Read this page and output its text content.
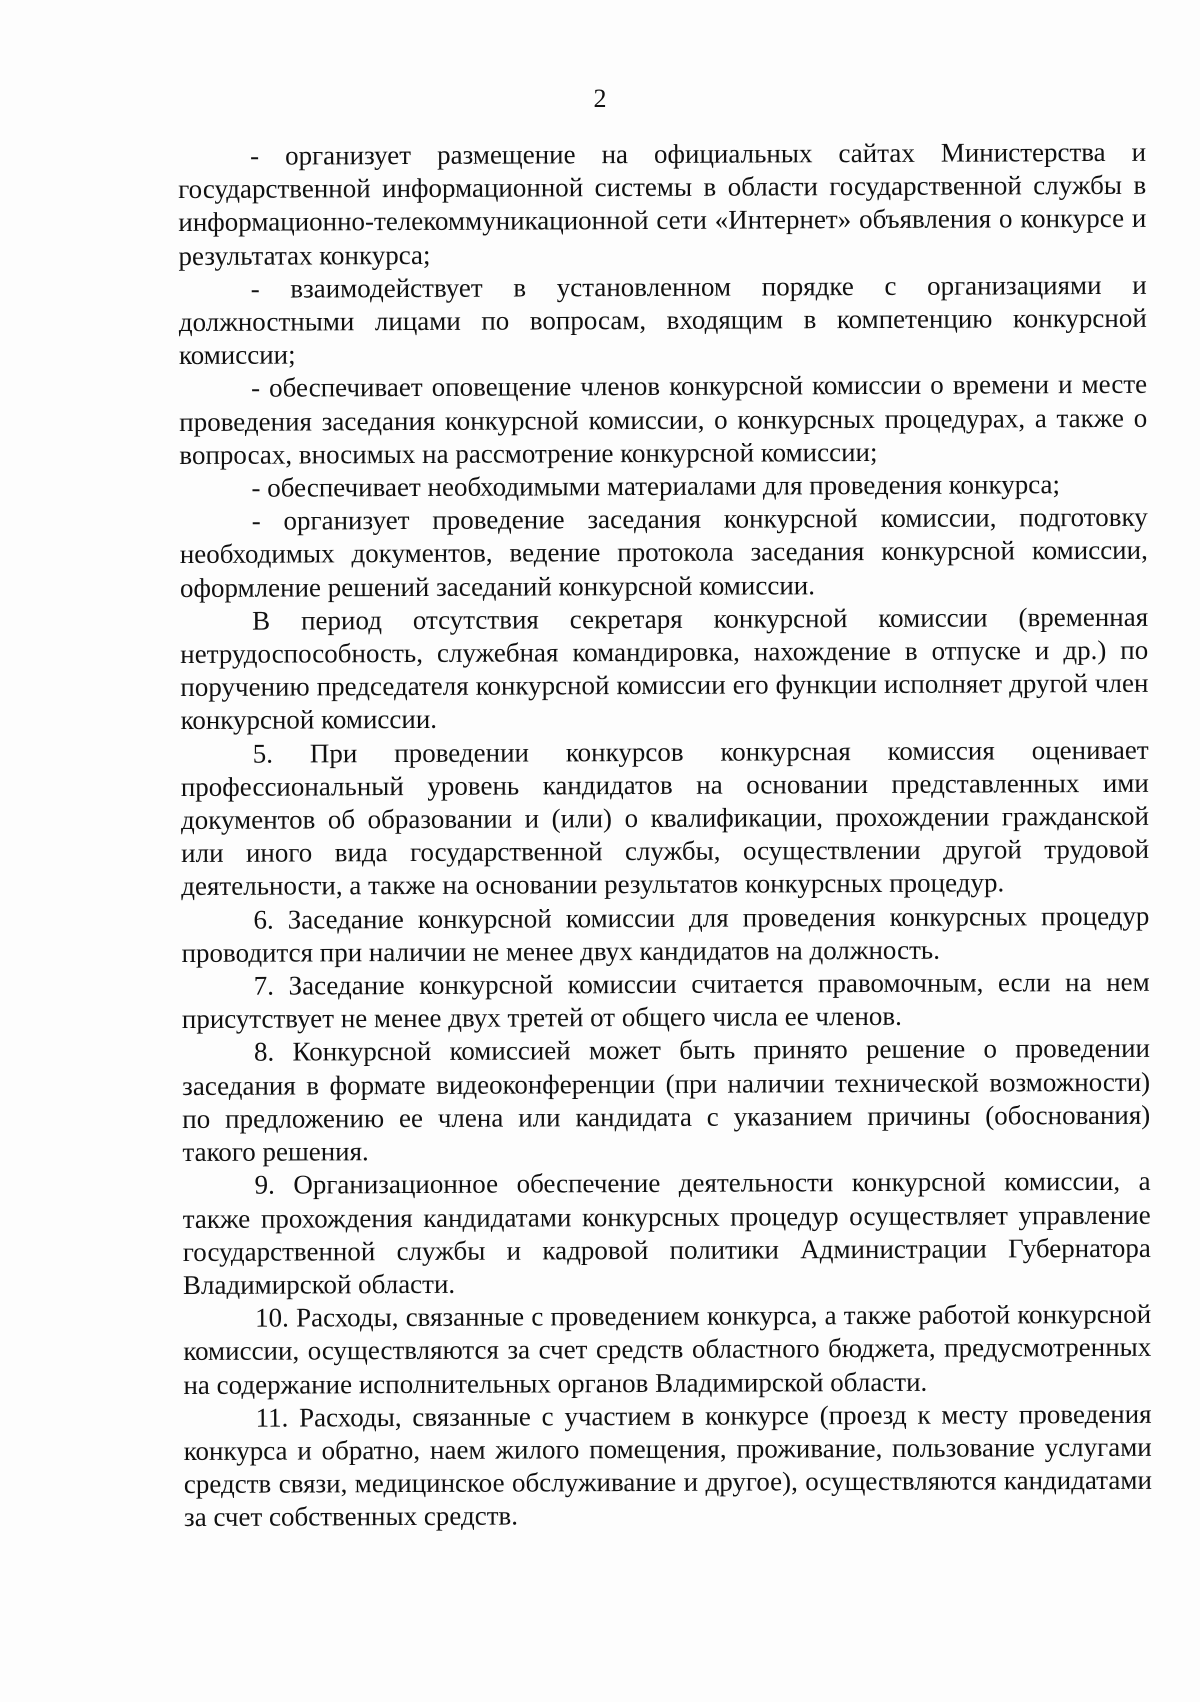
2

- организует размещение на официальных сайтах Министерства и государственной информационной системы в области государственной службы в информационно-телекоммуникационной сети «Интернет» объявления о конкурсе и результатах конкурса;

- взаимодействует в установленном порядке с организациями и должностными лицами по вопросам, входящим в компетенцию конкурсной комиссии;

- обеспечивает оповещение членов конкурсной комиссии о времени и месте проведения заседания конкурсной комиссии, о конкурсных процедурах, а также о вопросах, вносимых на рассмотрение конкурсной комиссии;

- обеспечивает необходимыми материалами для проведения конкурса;

- организует проведение заседания конкурсной комиссии, подготовку необходимых документов, ведение протокола заседания конкурсной комиссии, оформление решений заседаний конкурсной комиссии.

В период отсутствия секретаря конкурсной комиссии (временная нетрудоспособность, служебная командировка, нахождение в отпуске и др.) по поручению председателя конкурсной комиссии его функции исполняет другой член конкурсной комиссии.

5. При проведении конкурсов конкурсная комиссия оценивает профессиональный уровень кандидатов на основании представленных ими документов об образовании и (или) о квалификации, прохождении гражданской или иного вида государственной службы, осуществлении другой трудовой деятельности, а также на основании результатов конкурсных процедур.

6. Заседание конкурсной комиссии для проведения конкурсных процедур проводится при наличии не менее двух кандидатов на должность.

7. Заседание конкурсной комиссии считается правомочным, если на нем присутствует не менее двух третей от общего числа ее членов.

8. Конкурсной комиссией может быть принято решение о проведении заседания в формате видеоконференции (при наличии технической возможности) по предложению ее члена или кандидата с указанием причины (обоснования) такого решения.

9. Организационное обеспечение деятельности конкурсной комиссии, а также прохождения кандидатами конкурсных процедур осуществляет управление государственной службы и кадровой политики Администрации Губернатора Владимирской области.

10. Расходы, связанные с проведением конкурса, а также работой конкурсной комиссии, осуществляются за счет средств областного бюджета, предусмотренных на содержание исполнительных органов Владимирской области.

11. Расходы, связанные с участием в конкурсе (проезд к месту проведения конкурса и обратно, наем жилого помещения, проживание, пользование услугами средств связи, медицинское обслуживание и другое), осуществляются кандидатами за счет собственных средств.
